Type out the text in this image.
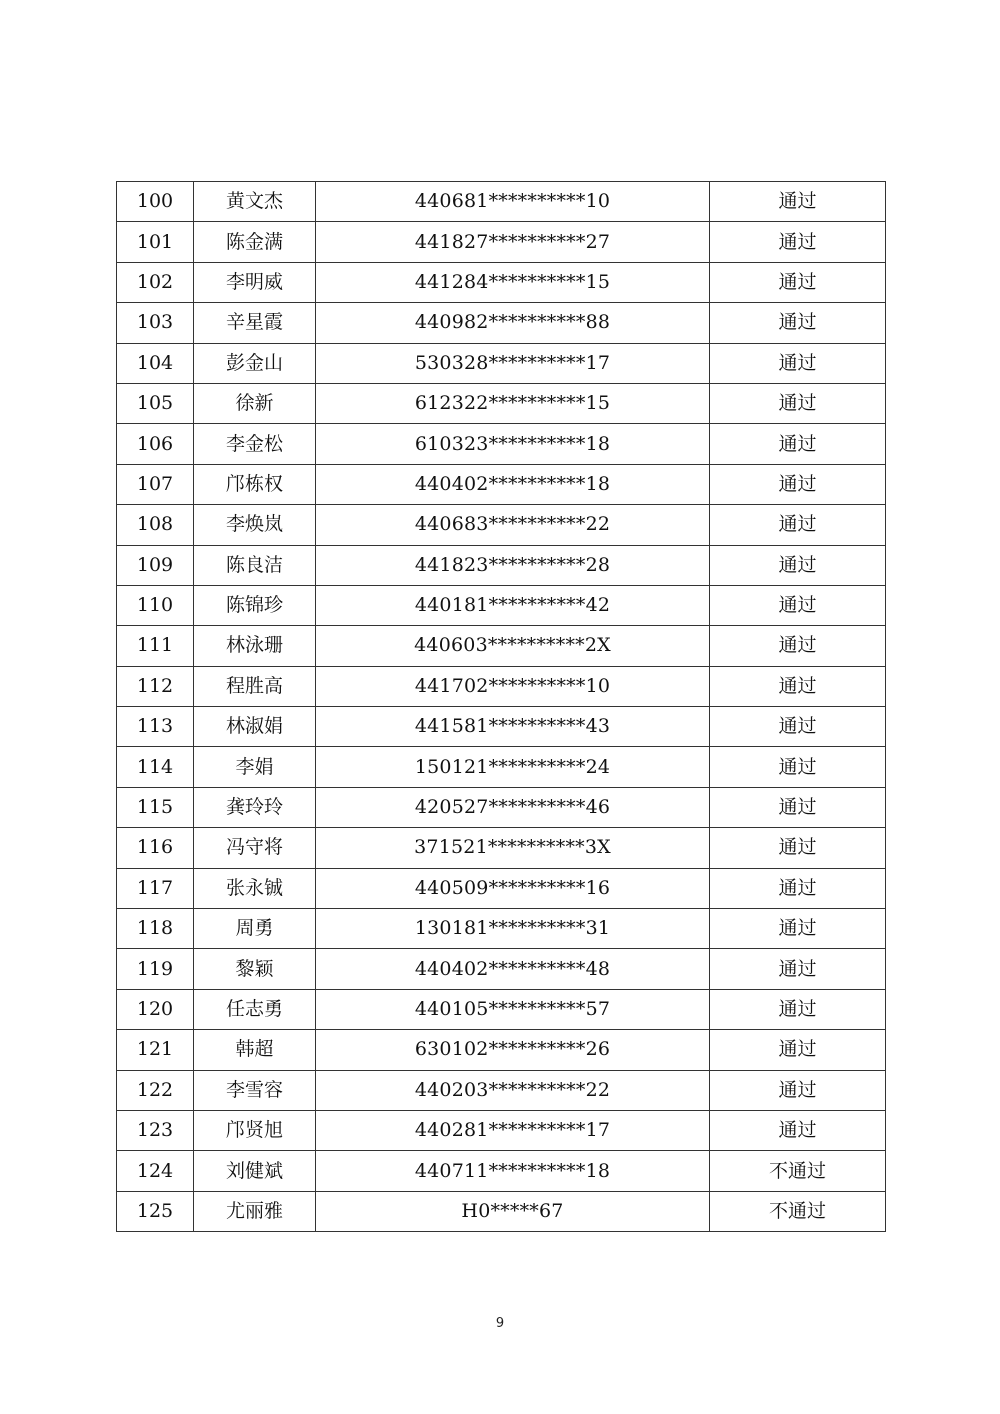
100	黄文杰	440681**********10	通过
101	陈金满	441827**********27	通过
102	李明威	441284**********15	通过
103	辛星霞	440982**********88	通过
104	彭金山	530328**********17	通过
105	徐新	612322**********15	通过
106	李金松	610323**********18	通过
107	邝栋权	440402**********18	通过
108	李焕岚	440683**********22	通过
109	陈良洁	441823**********28	通过
110	陈锦珍	440181**********42	通过
111	林泳珊	440603**********2X	通过
112	程胜高	441702**********10	通过
113	林淑娟	441581**********43	通过
114	李娟	150121**********24	通过
115	龚玲玲	420527**********46	通过
116	冯守将	371521**********3X	通过
117	张永铖	440509**********16	通过
118	周勇	130181**********31	通过
119	黎颖	440402**********48	通过
120	任志勇	440105**********57	通过
121	韩超	630102**********26	通过
122	李雪容	440203**********22	通过
123	邝贤旭	440281**********17	通过
124	刘健斌	440711**********18	不通过
125	尤丽雅	H0*****67	不通过
9
